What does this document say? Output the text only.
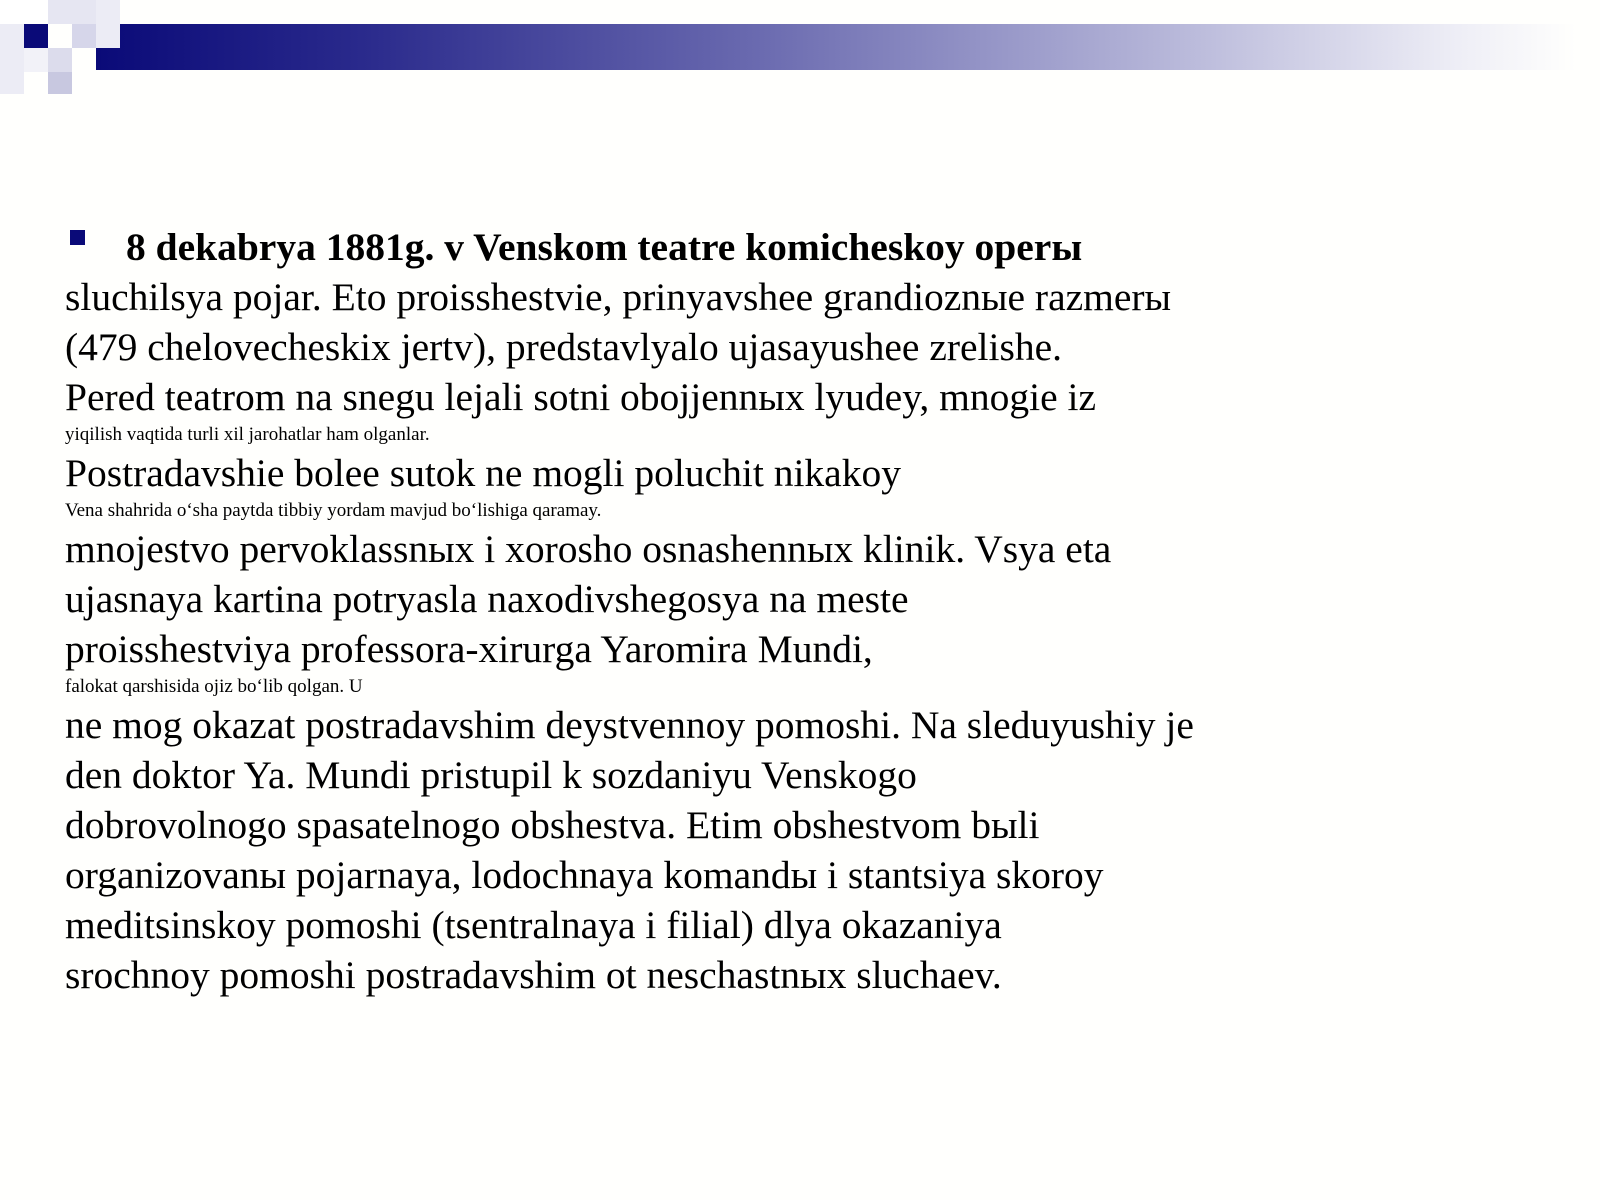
8 dekabrya 1881g. v Venskom teatre komicheskoy operы
sluchilsya pojar. Eto proisshestvie, prinyavshee grandioznыe razmerы
(479 chelovecheskix jertv), predstavlyalo ujasayushee zrelishe.
Pered teatrom na snegu lejali sotni obojjennыx lyudey, mnogie iz
yiqilish vaqtida turli xil jarohatlar ham olganlar.
Postradavshie bolee sutok ne mogli poluchit nikakoy
Vena shahrida o‘sha paytda tibbiy yordam mavjud bo‘lishiga qaramay.
mnojestvo pervoklassnыx i xorosho osnashennыx klinik. Vsya eta
ujasnaya kartina potryasla naxodivshegosya na meste
proisshestviya professora-xirurga Yaromira Mundi,
falokat qarshisida ojiz bo‘lib qolgan. U
ne mog okazat postradavshim deystvennoy pomoshi. Na sleduyushiy je
den doktor Ya. Mundi pristupil k sozdaniyu Venskogo
dobrovolnogo spasatelnogo obshestva. Etim obshestvom bыli
organizovanы pojarnaya, lodochnaya komandы i stantsiya skoroy
meditsinskoy pomoshi (tsentralnaya i filial) dlya okazaniya
srochnoy pomoshi postradavshim ot neschastnыx sluchaev.
